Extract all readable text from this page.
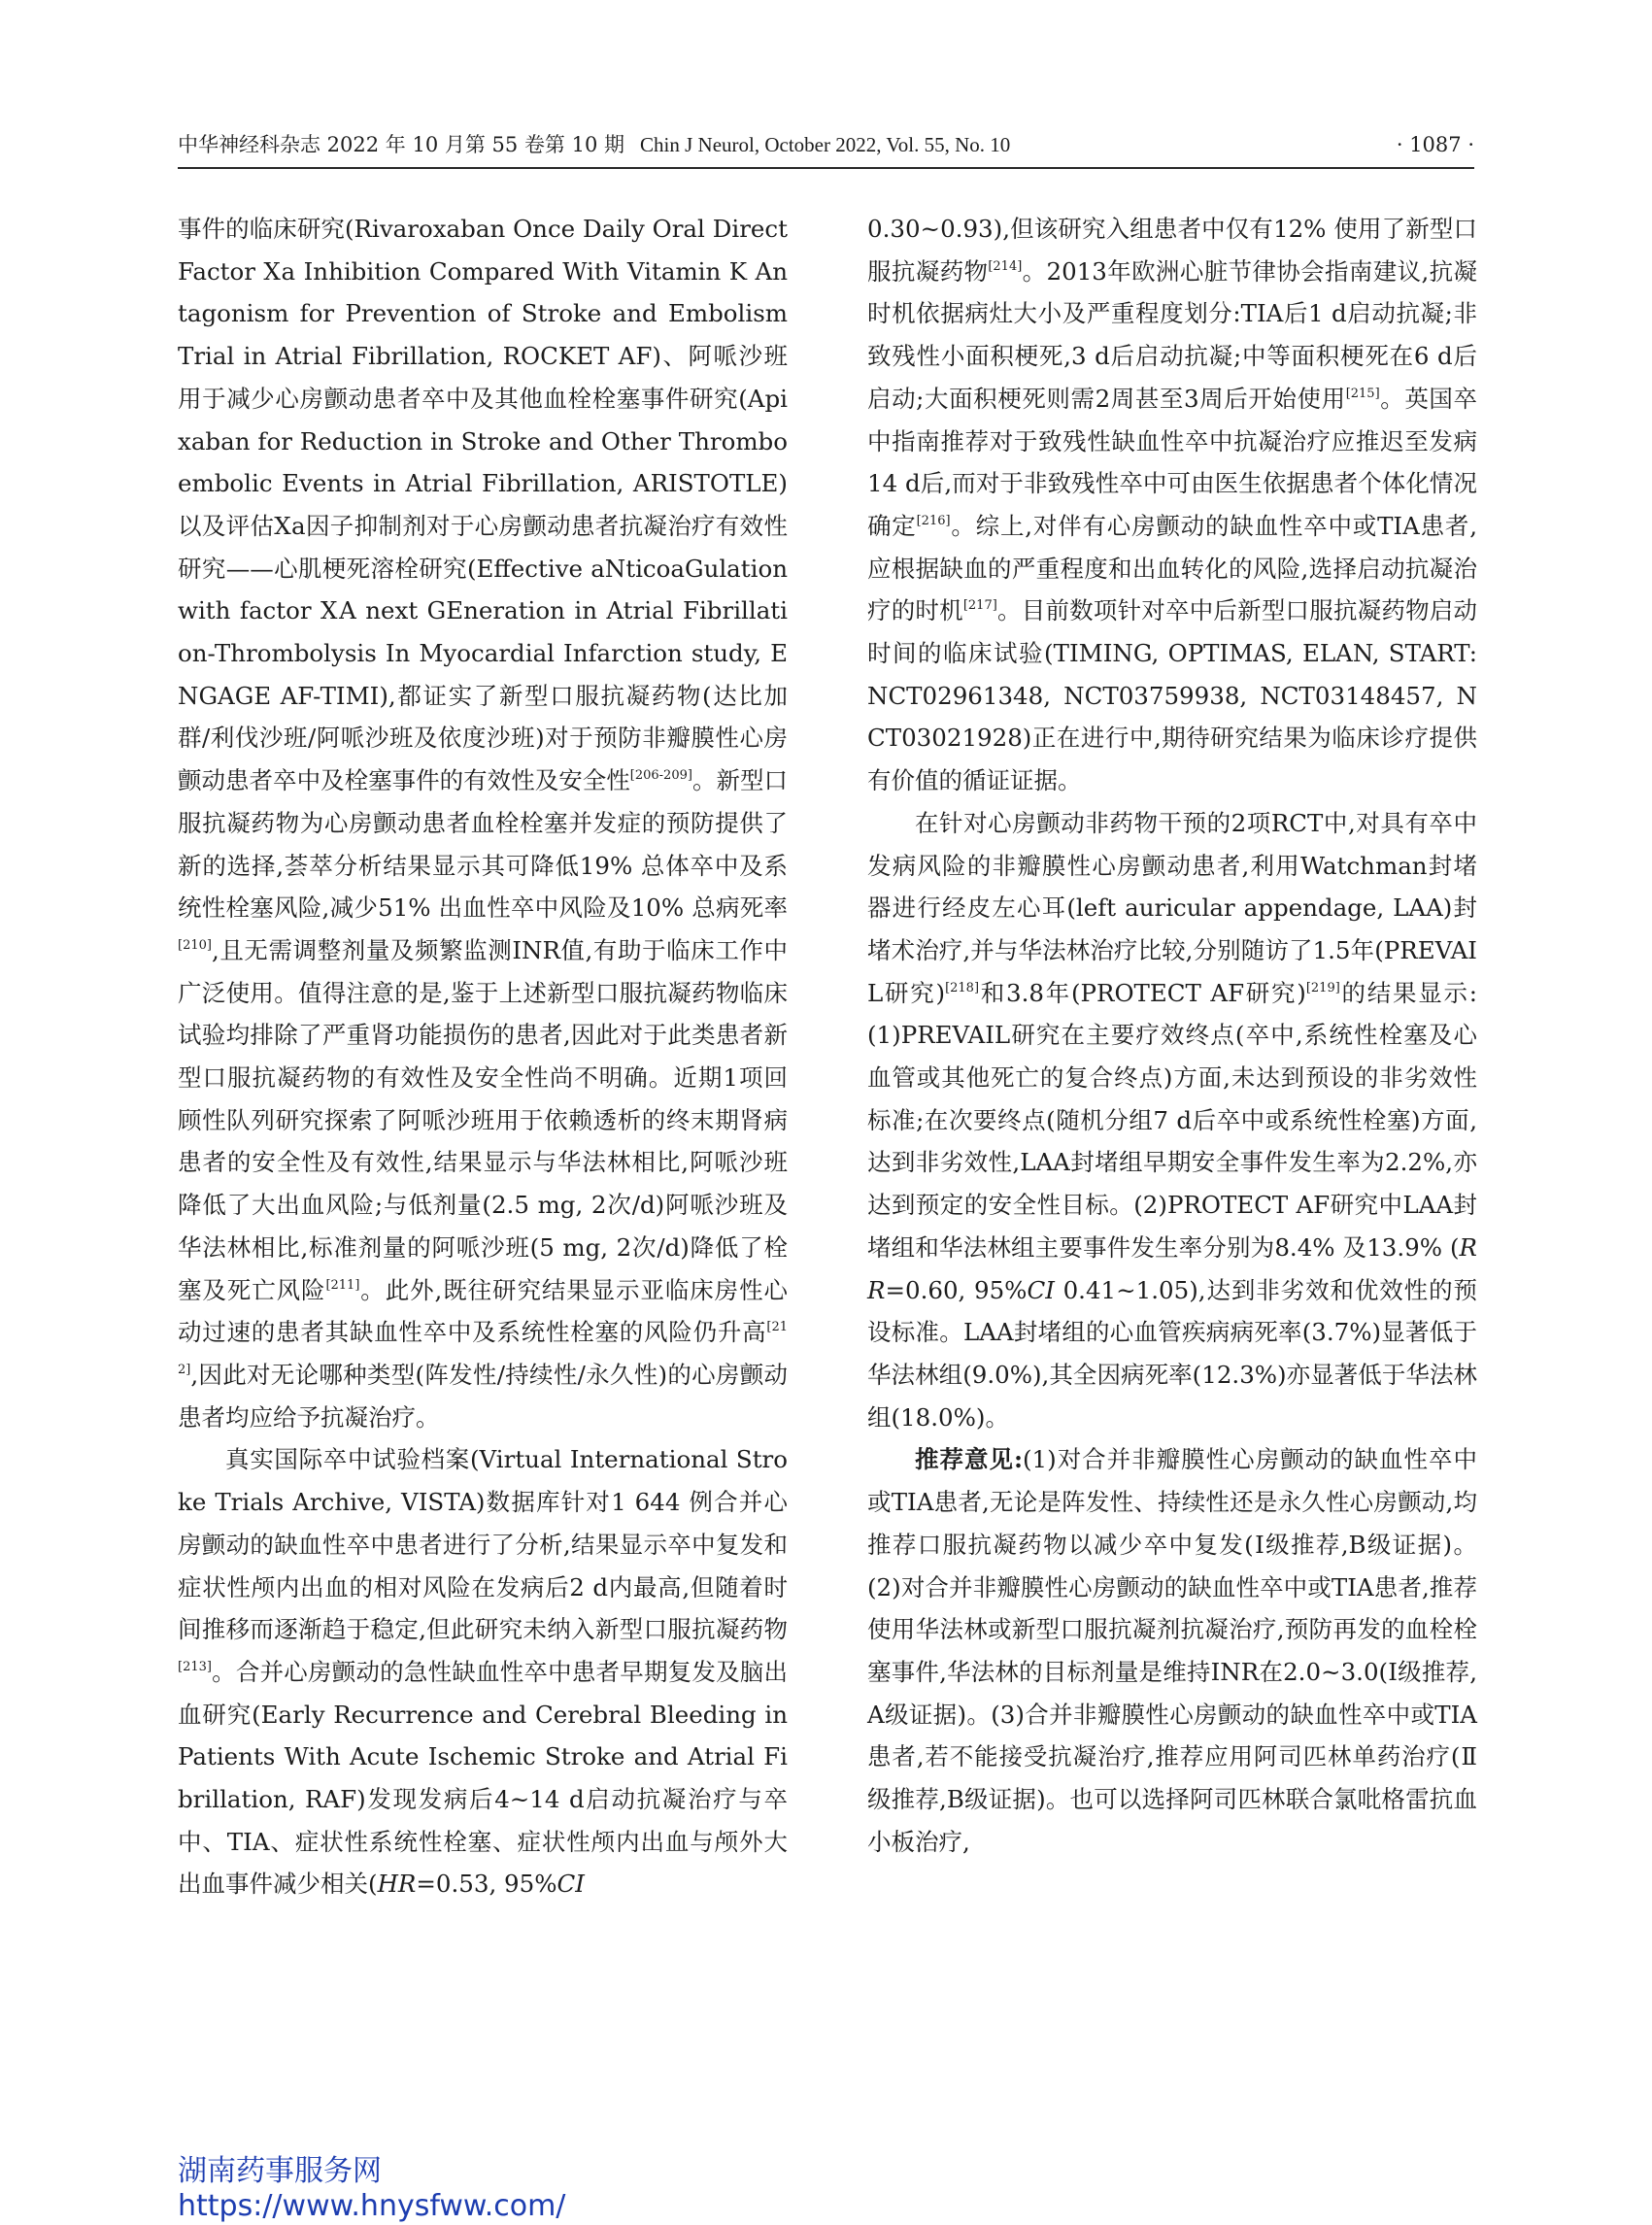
中华神经科杂志 2022 年 10 月第 55 卷第 10 期 Chin J Neurol, October 2022, Vol. 55, No. 10	· 1087 ·

事件的临床研究(Rivaroxaban Once Daily Oral Direct Factor Ⅹa Inhibition Compared With Vitamin K Antagonism for Prevention of Stroke and Embolism Trial in Atrial Fibrillation, ROCKET AF)、阿哌沙班用于减少心房颤动患者卒中及其他血栓栓塞事件研究(Apixaban for Reduction in Stroke and Other Thromboembolic Events in Atrial Fibrillation, ARISTOTLE)以及评估Ⅹa因子抑制剂对于心房颤动患者抗凝治疗有效性研究——心肌梗死溶栓研究(Effective aNticoaGulation with factor ⅩA next GEneration in Atrial Fibrillation-Thrombolysis In Myocardial Infarction study, ENGAGE AF-TIMI),都证实了新型口服抗凝药物(达比加群/利伐沙班/阿哌沙班及依度沙班)对于预防非瓣膜性心房颤动患者卒中及栓塞事件的有效性及安全性[206-209]。新型口服抗凝药物为心房颤动患者血栓栓塞并发症的预防提供了新的选择,荟萃分析结果显示其可降低19% 总体卒中及系统性栓塞风险,减少51% 出血性卒中风险及10% 总病死率[210],且无需调整剂量及频繁监测INR值,有助于临床工作中广泛使用。值得注意的是,鉴于上述新型口服抗凝药物临床试验均排除了严重肾功能损伤的患者,因此对于此类患者新型口服抗凝药物的有效性及安全性尚不明确。近期1项回顾性队列研究探索了阿哌沙班用于依赖透析的终末期肾病患者的安全性及有效性,结果显示与华法林相比,阿哌沙班降低了大出血风险;与低剂量(2.5 mg, 2次/d)阿哌沙班及华法林相比,标准剂量的阿哌沙班(5 mg, 2次/d)降低了栓塞及死亡风险[211]。此外,既往研究结果显示亚临床房性心动过速的患者其缺血性卒中及系统性栓塞的风险仍升高[212],因此对无论哪种类型(阵发性/持续性/永久性)的心房颤动患者均应给予抗凝治疗。

真实国际卒中试验档案(Virtual International Stroke Trials Archive, VISTA)数据库针对1 644 例合并心房颤动的缺血性卒中患者进行了分析,结果显示卒中复发和症状性颅内出血的相对风险在发病后2 d内最高,但随着时间推移而逐渐趋于稳定,但此研究未纳入新型口服抗凝药物[213]。合并心房颤动的急性缺血性卒中患者早期复发及脑出血研究(Early Recurrence and Cerebral Bleeding in Patients With Acute Ischemic Stroke and Atrial Fibrillation, RAF)发现发病后4~14 d启动抗凝治疗与卒中、TIA、症状性系统性栓塞、症状性颅内出血与颅外大出血事件减少相关(HR=0.53, 95%CI

0.30~0.93),但该研究入组患者中仅有12% 使用了新型口服抗凝药物[214]。2013年欧洲心脏节律协会指南建议,抗凝时机依据病灶大小及严重程度划分:TIA后1 d启动抗凝;非致残性小面积梗死,3 d后启动抗凝;中等面积梗死在6 d后启动;大面积梗死则需2周甚至3周后开始使用[215]。英国卒中指南推荐对于致残性缺血性卒中抗凝治疗应推迟至发病14 d后,而对于非致残性卒中可由医生依据患者个体化情况确定[216]。综上,对伴有心房颤动的缺血性卒中或TIA患者,应根据缺血的严重程度和出血转化的风险,选择启动抗凝治疗的时机[217]。目前数项针对卒中后新型口服抗凝药物启动时间的临床试验(TIMING, OPTIMAS, ELAN, START: NCT02961348, NCT03759938, NCT03148457, NCT03021928)正在进行中,期待研究结果为临床诊疗提供有价值的循证证据。

在针对心房颤动非药物干预的2项RCT中,对具有卒中发病风险的非瓣膜性心房颤动患者,利用Watchman封堵器进行经皮左心耳(left auricular appendage, LAA)封堵术治疗,并与华法林治疗比较,分别随访了1.5年(PREVAIL研究)[218]和3.8年(PROTECT AF研究)[219]的结果显示:(1)PREVAIL研究在主要疗效终点(卒中,系统性栓塞及心血管或其他死亡的复合终点)方面,未达到预设的非劣效性标准;在次要终点(随机分组7 d后卒中或系统性栓塞)方面,达到非劣效性,LAA封堵组早期安全事件发生率为2.2%,亦达到预定的安全性目标。(2)PROTECT AF研究中LAA封堵组和华法林组主要事件发生率分别为8.4% 及13.9% (RR=0.60, 95%CI 0.41~1.05),达到非劣效和优效性的预设标准。LAA封堵组的心血管疾病病死率(3.7%)显著低于华法林组(9.0%),其全因病死率(12.3%)亦显著低于华法林组(18.0%)。

推荐意见:(1)对合并非瓣膜性心房颤动的缺血性卒中或TIA患者,无论是阵发性、持续性还是永久性心房颤动,均推荐口服抗凝药物以减少卒中复发(Ⅰ级推荐,B级证据)。(2)对合并非瓣膜性心房颤动的缺血性卒中或TIA患者,推荐使用华法林或新型口服抗凝剂抗凝治疗,预防再发的血栓栓塞事件,华法林的目标剂量是维持INR在2.0~3.0(Ⅰ级推荐,A级证据)。(3)合并非瓣膜性心房颤动的缺血性卒中或TIA患者,若不能接受抗凝治疗,推荐应用阿司匹林单药治疗(Ⅱ级推荐,B级证据)。也可以选择阿司匹林联合氯吡格雷抗血小板治疗,

湖南药事服务网
https://www.hnysfww.com/
